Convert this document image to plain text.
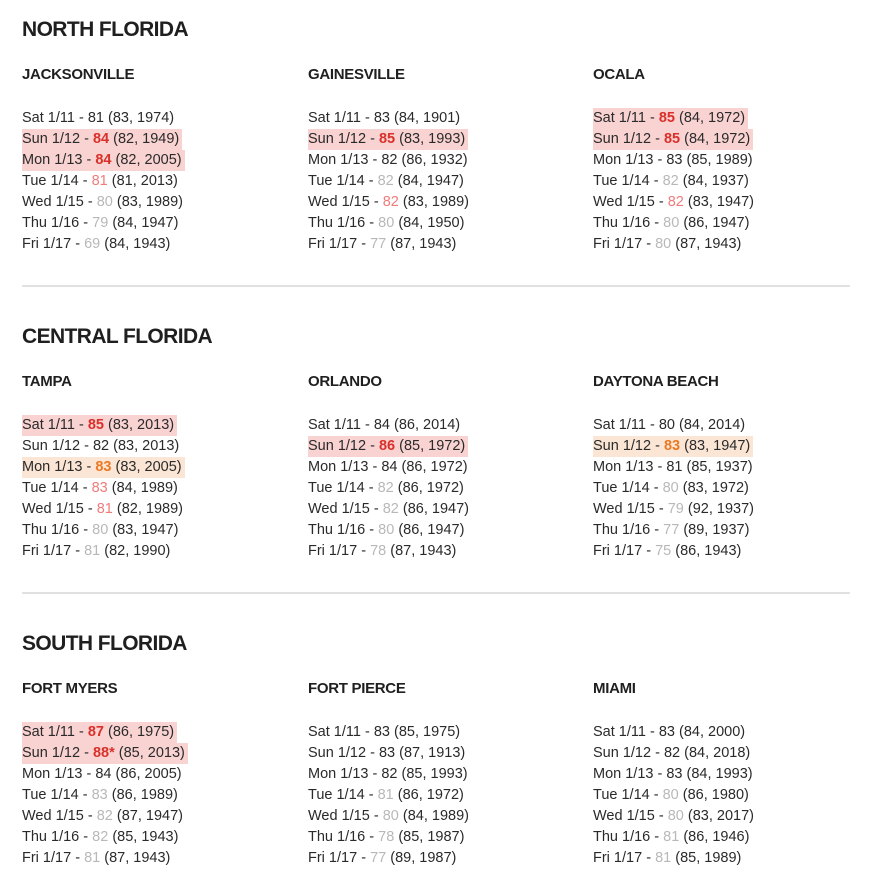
NORTH FLORIDA
JACKSONVILLE
Sat 1/11 - 81 (83, 1974)
Sun 1/12 - 84 (82, 1949)
Mon 1/13 - 84 (82, 2005)
Tue 1/14 - 81 (81, 2013)
Wed 1/15 - 80 (83, 1989)
Thu 1/16 - 79 (84, 1947)
Fri 1/17 - 69 (84, 1943)
GAINESVILLE
Sat 1/11 - 83 (84, 1901)
Sun 1/12 - 85 (83, 1993)
Mon 1/13 - 82 (86, 1932)
Tue 1/14 - 82 (84, 1947)
Wed 1/15 - 82 (83, 1989)
Thu 1/16 - 80 (84, 1950)
Fri 1/17 - 77 (87, 1943)
OCALA
Sat 1/11 - 85 (84, 1972)
Sun 1/12 - 85 (84, 1972)
Mon 1/13 - 83 (85, 1989)
Tue 1/14 - 82 (84, 1937)
Wed 1/15 - 82 (83, 1947)
Thu 1/16 - 80 (86, 1947)
Fri 1/17 - 80 (87, 1943)
CENTRAL FLORIDA
TAMPA
Sat 1/11 - 85 (83, 2013)
Sun 1/12 - 82 (83, 2013)
Mon 1/13 - 83 (83, 2005)
Tue 1/14 - 83 (84, 1989)
Wed 1/15 - 81 (82, 1989)
Thu 1/16 - 80 (83, 1947)
Fri 1/17 - 81 (82, 1990)
ORLANDO
Sat 1/11 - 84 (86, 2014)
Sun 1/12 - 86 (85, 1972)
Mon 1/13 - 84 (86, 1972)
Tue 1/14 - 82 (86, 1972)
Wed 1/15 - 82 (86, 1947)
Thu 1/16 - 80 (86, 1947)
Fri 1/17 - 78 (87, 1943)
DAYTONA BEACH
Sat 1/11 - 80 (84, 2014)
Sun 1/12 - 83 (83, 1947)
Mon 1/13 - 81 (85, 1937)
Tue 1/14 - 80 (83, 1972)
Wed 1/15 - 79 (92, 1937)
Thu 1/16 - 77 (89, 1937)
Fri 1/17 - 75 (86, 1943)
SOUTH FLORIDA
FORT MYERS
Sat 1/11 - 87 (86, 1975)
Sun 1/12 - 88* (85, 2013)
Mon 1/13 - 84 (86, 2005)
Tue 1/14 - 83 (86, 1989)
Wed 1/15 - 82 (87, 1947)
Thu 1/16 - 82 (85, 1943)
Fri 1/17 - 81 (87, 1943)
FORT PIERCE
Sat 1/11 - 83 (85, 1975)
Sun 1/12 - 83 (87, 1913)
Mon 1/13 - 82 (85, 1993)
Tue 1/14 - 81 (86, 1972)
Wed 1/15 - 80 (84, 1989)
Thu 1/16 - 78 (85, 1987)
Fri 1/17 - 77 (89, 1987)
MIAMI
Sat 1/11 - 83 (84, 2000)
Sun 1/12 - 82 (84, 2018)
Mon 1/13 - 83 (84, 1993)
Tue 1/14 - 80 (86, 1980)
Wed 1/15 - 80 (83, 2017)
Thu 1/16 - 81 (86, 1946)
Fri 1/17 - 81 (85, 1989)
